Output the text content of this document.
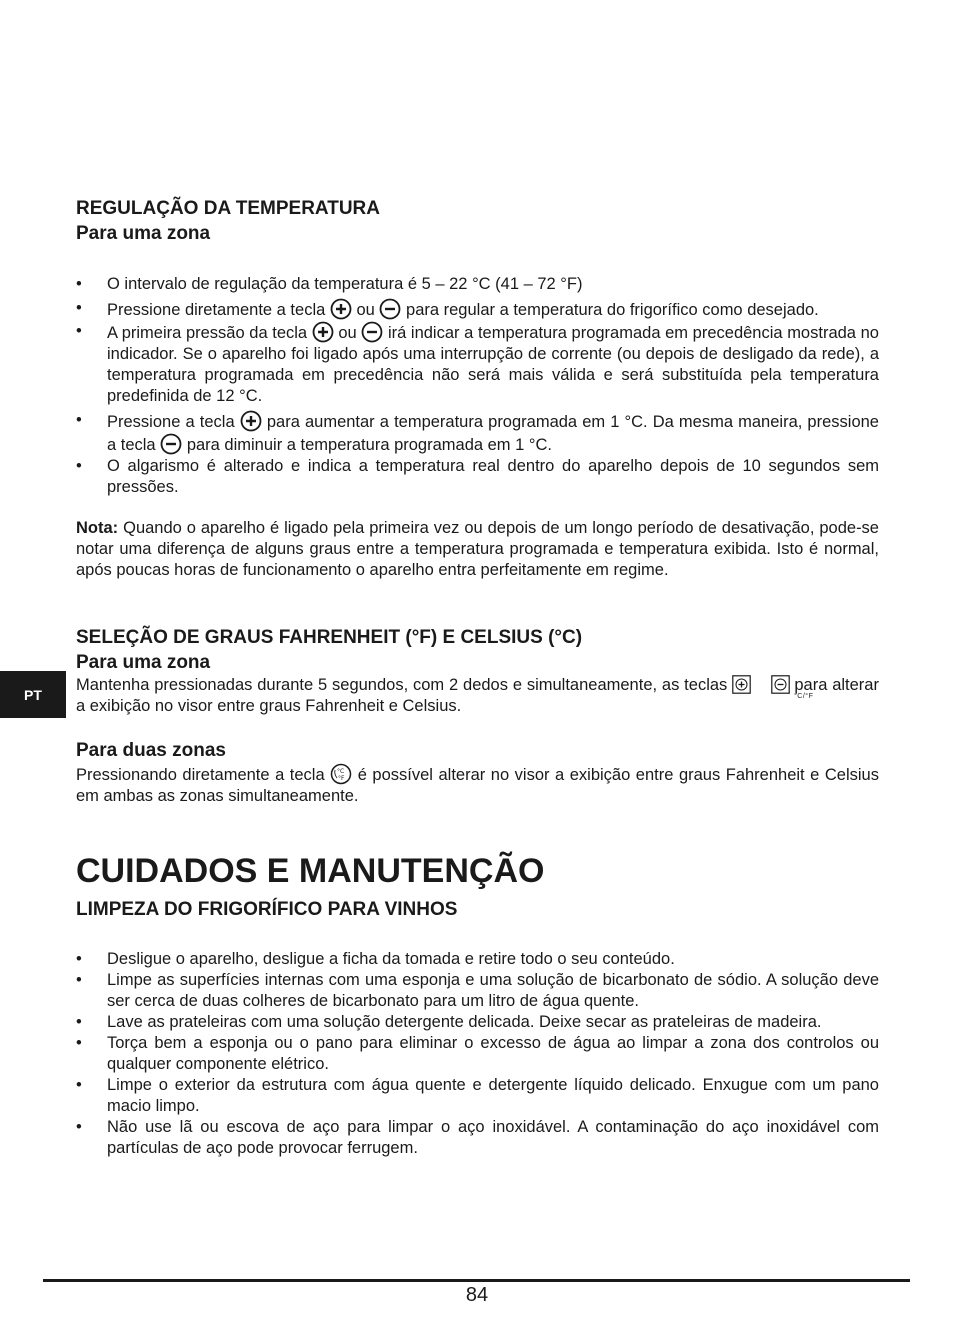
PT
REGULAÇÃO DA TEMPERATURA
Para uma zona
• O intervalo de regulação da temperatura é 5 – 22 °C (41 – 72 °F)
• Pressione diretamente a tecla ou para regular a temperatura do frigorífico como desejado.
• A primeira pressão da tecla ou irá indicar a temperatura programada em precedência mostrada no indicador. Se o aparelho foi ligado após uma interrupção de corrente (ou depois de desligado da rede), a temperatura programada em precedência não será mais válida e será substituída pela temperatura predefinida de 12 °C.
• Pressione a tecla para aumentar a temperatura programada em 1 °C. Da mesma maneira, pressione a tecla para diminuir a temperatura programada em 1 °C.
• O algarismo é alterado e indica a temperatura real dentro do aparelho depois de 10 segundos sem pressões.

Nota: Quando o aparelho é ligado pela primeira vez ou depois de um longo período de desativação, pode-se notar uma diferença de alguns graus entre a temperatura programada e temperatura exibida. Isto é normal, após poucas horas de funcionamento o aparelho entra perfeitamente em regime.

SELEÇÃO DE GRAUS FAHRENHEIT (°F) E CELSIUS (°C)
Para uma zona

Mantenha pressionadas durante 5 segundos, com 2 dedos e simultaneamente, as teclas	para alterar a exibição no visor entre graus Fahrenheit e Celsius.

°C/°F
Para duas zonas

Pressionando diretamente a tecla °C
°F é possível alterar no visor a exibição entre graus Fahrenheit e Celsius em ambas as zonas simultaneamente.

CUIDADOS E MANUTENÇÃO
LIMPEZA DO FRIGORÍFICO PARA VINHOS
• Desligue o aparelho, desligue a ficha da tomada e retire todo o seu conteúdo.
• Limpe as superfícies internas com uma esponja e uma solução de bicarbonato de sódio. A solução deve ser cerca de duas colheres de bicarbonato para um litro de água quente.
• Lave as prateleiras com uma solução detergente delicada. Deixe secar as prateleiras de madeira.
• Torça bem a esponja ou o pano para eliminar o excesso de água ao limpar a zona dos controlos ou qualquer componente elétrico.
• Limpe o exterior da estrutura com água quente e detergente líquido delicado. Enxugue com um pano macio limpo.
• Não use lã ou escova de aço para limpar o aço inoxidável. A contaminação do aço inoxidável com partículas de aço pode provocar ferrugem.
84
